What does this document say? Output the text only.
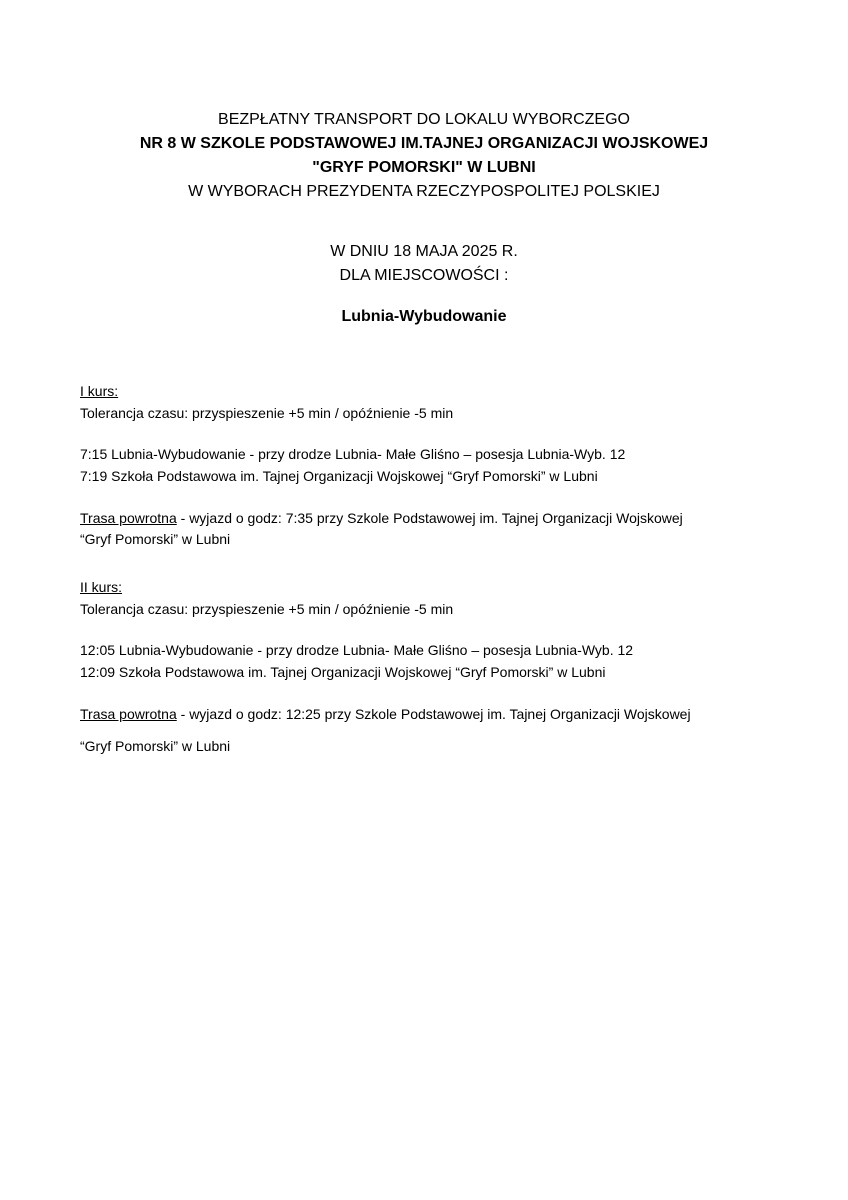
BEZPŁATNY TRANSPORT DO LOKALU WYBORCZEGO
NR 8 W SZKOLE PODSTAWOWEJ IM.TAJNEJ ORGANIZACJI WOJSKOWEJ
"GRYF POMORSKI" W LUBNI
W WYBORACH PREZYDENTA RZECZYPOSPOLITEJ POLSKIEJ
W DNIU 18 MAJA 2025 R.
DLA MIEJSCOWOŚCI :
Lubnia-Wybudowanie
I kurs:
Tolerancja czasu: przyspieszenie +5 min / opóźnienie -5 min
7:15 Lubnia-Wybudowanie - przy drodze Lubnia- Małe Gliśno – posesja Lubnia-Wyb. 12
7:19 Szkoła Podstawowa im. Tajnej Organizacji Wojskowej “Gryf Pomorski” w Lubni
Trasa powrotna - wyjazd o godz: 7:35 przy Szkole Podstawowej im. Tajnej Organizacji Wojskowej
“Gryf Pomorski” w Lubni
II kurs:
Tolerancja czasu: przyspieszenie +5 min / opóźnienie -5 min
12:05 Lubnia-Wybudowanie - przy drodze Lubnia- Małe Gliśno – posesja Lubnia-Wyb. 12
12:09 Szkoła Podstawowa im. Tajnej Organizacji Wojskowej “Gryf Pomorski” w Lubni
Trasa powrotna - wyjazd o godz: 12:25 przy Szkole Podstawowej im. Tajnej Organizacji Wojskowej
“Gryf Pomorski” w Lubni
